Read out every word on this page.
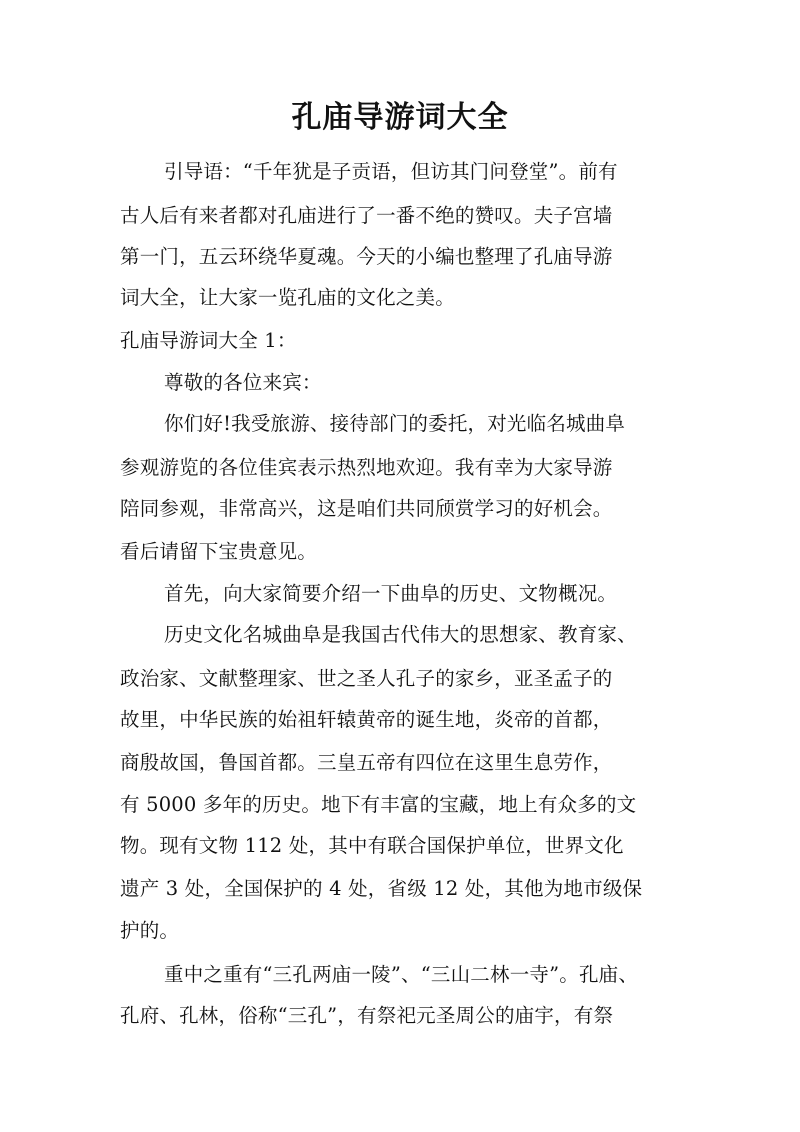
孔庙导游词大全
引导语：“千年犹是子贡语，但访其门问登堂”。前有
古人后有来者都对孔庙进行了一番不绝的赞叹。夫子宫墙
第一门，五云环绕华夏魂。今天的小编也整理了孔庙导游
词大全，让大家一览孔庙的文化之美。
孔庙导游词大全 1：
尊敬的各位来宾：
你们好!我受旅游、接待部门的委托，对光临名城曲阜
参观游览的各位佳宾表示热烈地欢迎。我有幸为大家导游
陪同参观，非常高兴，这是咱们共同颀赏学习的好机会。
看后请留下宝贵意见。
首先，向大家简要介绍一下曲阜的历史、文物概况。
历史文化名城曲阜是我国古代伟大的思想家、教育家、
政治家、文献整理家、世之圣人孔子的家乡，亚圣孟子的
故里，中华民族的始祖轩辕黄帝的诞生地，炎帝的首都，
商殷故国，鲁国首都。三皇五帝有四位在这里生息劳作，
有 5000 多年的历史。地下有丰富的宝藏，地上有众多的文
物。现有文物 112 处，其中有联合国保护单位，世界文化
遗产 3 处，全国保护的 4 处，省级 12 处，其他为地市级保
护的。
重中之重有“三孔两庙一陵”、“三山二林一寺”。孔庙、
孔府、孔林，俗称“三孔”，有祭祀元圣周公的庙宇，有祭
